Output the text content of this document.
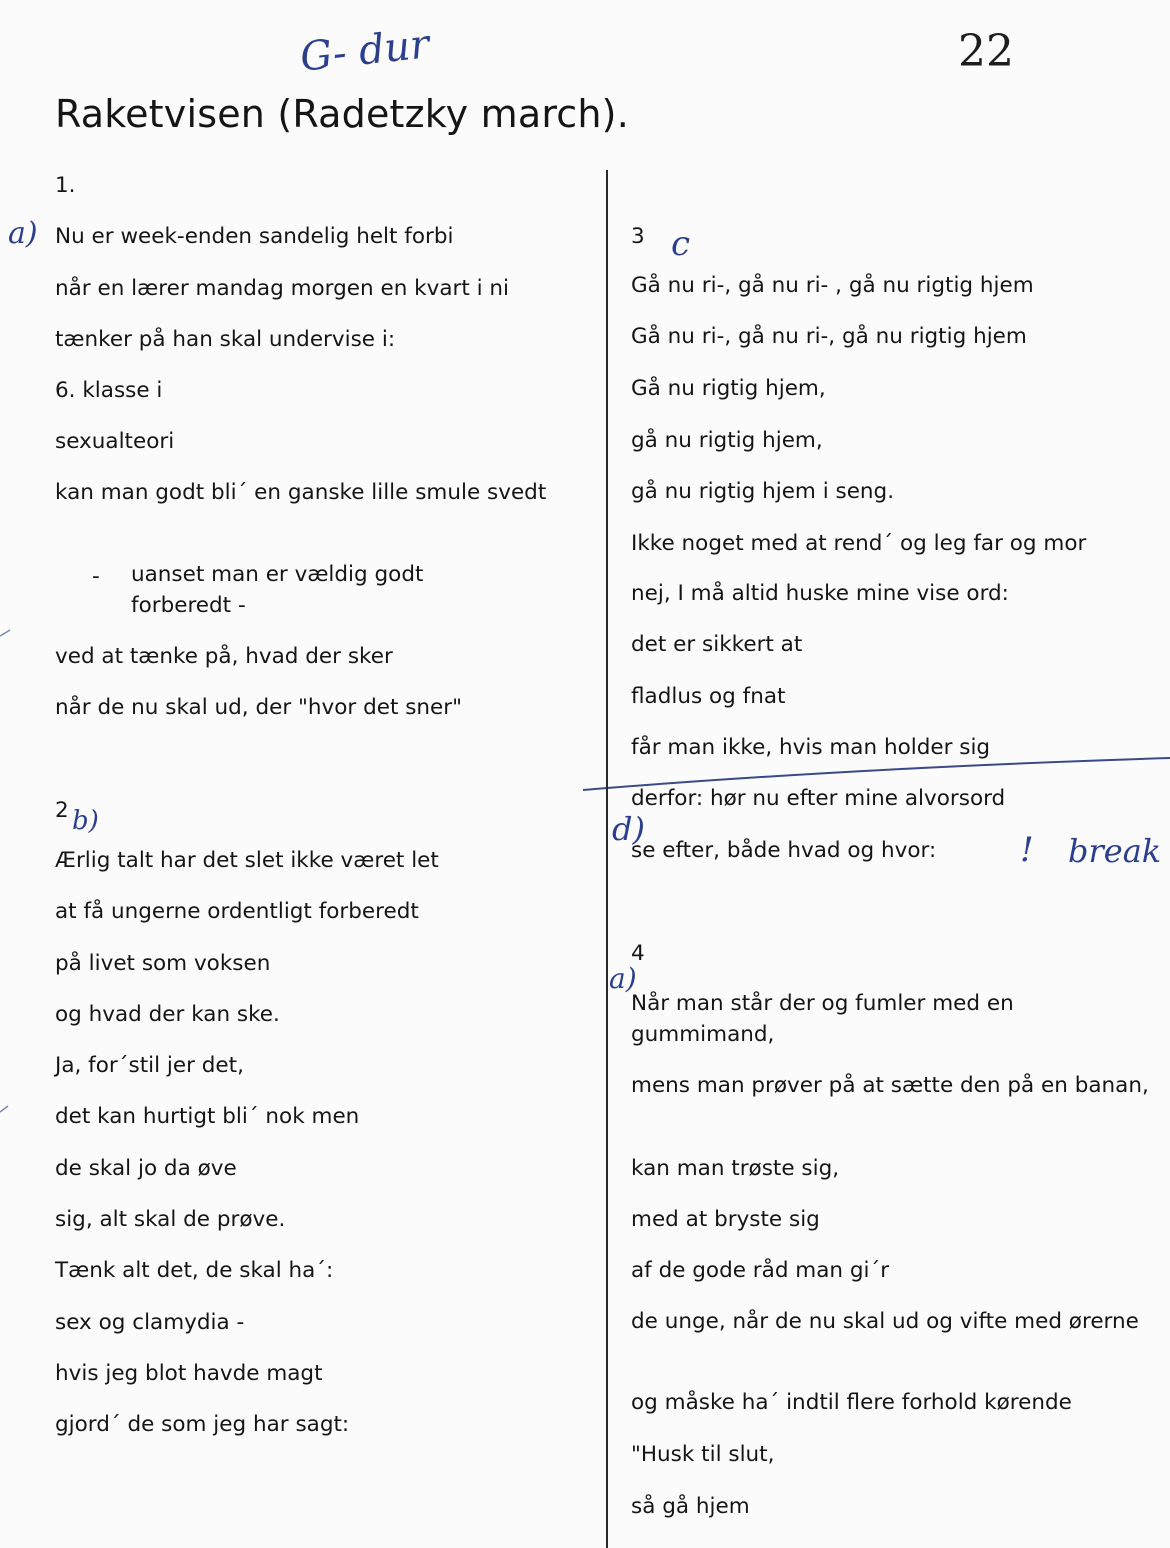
G- dur	22
a)
b)
c
d)
! break
a)
Raketvisen (Radetzky march).
1.
Nu er week-enden sandelig helt forbi
når en lærer mandag morgen en kvart i ni
tænker på han skal undervise i:
6. klasse i
sexualteori
kan man godt bli´ en ganske lille smule svedt
- uanset man er vældig godt forberedt -
ved at tænke på, hvad der sker
når de nu skal ud, der "hvor det sner"
2
Ærlig talt har det slet ikke været let
at få ungerne ordentligt forberedt
på livet som voksen
og hvad der kan ske.
Ja, for´stil jer det,
det kan hurtigt bli´ nok men
de skal jo da øve
sig, alt skal de prøve.
Tænk alt det, de skal ha´:
sex og clamydia -
hvis jeg blot havde magt
gjord´ de som jeg har sagt:
3
Gå nu ri-, gå nu ri- , gå nu rigtig hjem
Gå nu ri-, gå nu ri-, gå nu rigtig hjem
Gå nu rigtig hjem,
gå nu rigtig hjem,
gå nu rigtig hjem i seng.
Ikke noget med at rend´ og leg far og mor
nej, I må altid huske mine vise ord:
det er sikkert at
fladlus og fnat
får man ikke, hvis man holder sig
derfor: hør nu efter mine alvorsord
se efter, både hvad og hvor:
4
Når man står der og fumler med en gummimand,
mens man prøver på at sætte den på en banan,
kan man trøste sig,
med at bryste sig
af de gode råd man gi´r
de unge, når de nu skal ud og vifte med ørerne
og måske ha´ indtil flere forhold kørende
"Husk til slut,
så gå hjem
